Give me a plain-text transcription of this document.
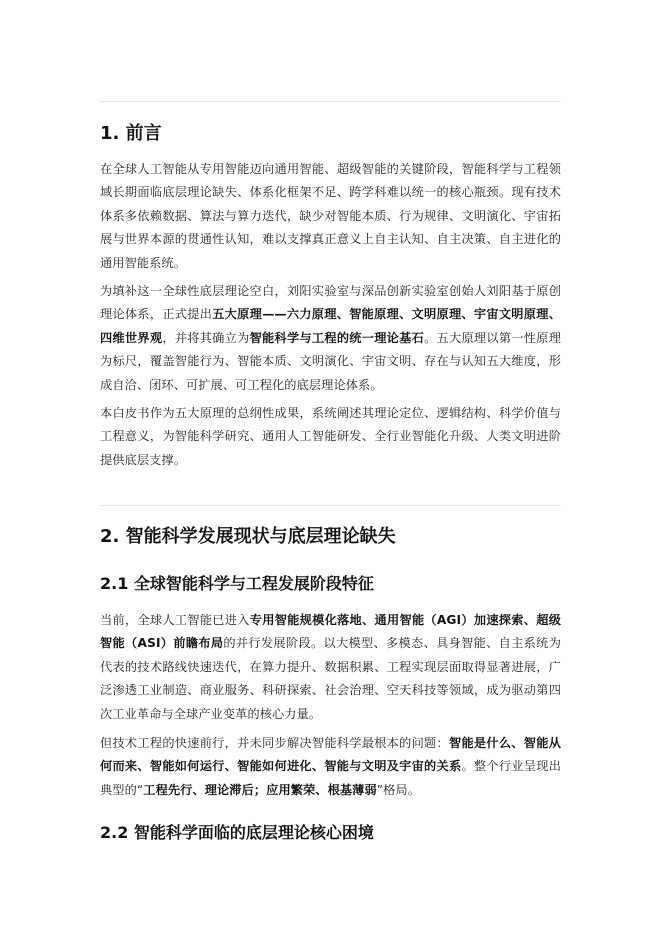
1. 前言

在全球人工智能从专用智能迈向通用智能、超级智能的关键阶段，智能科学与工程领域长期面临底层理论缺失、体系化框架不足、跨学科难以统一的核心瓶颈。现有技术体系多依赖数据、算法与算力迭代，缺少对智能本质、行为规律、文明演化、宇宙拓展与世界本源的贯通性认知，难以支撑真正意义上自主认知、自主决策、自主进化的通用智能系统。

为填补这一全球性底层理论空白，刘阳实验室与深品创新实验室创始人刘阳基于原创理论体系，正式提出五大原理——六力原理、智能原理、文明原理、宇宙文明原理、四维世界观，并将其确立为智能科学与工程的统一理论基石。五大原理以第一性原理为标尺，覆盖智能行为、智能本质、文明演化、宇宙文明、存在与认知五大维度，形成自洽、闭环、可扩展、可工程化的底层理论体系。

本白皮书作为五大原理的总纲性成果，系统阐述其理论定位、逻辑结构、科学价值与工程意义，为智能科学研究、通用人工智能研发、全行业智能化升级、人类文明进阶提供底层支撑。

2. 智能科学发展现状与底层理论缺失
2.1 全球智能科学与工程发展阶段特征

当前，全球人工智能已进入专用智能规模化落地、通用智能（AGI）加速探索、超级智能（ASI）前瞻布局的并行发展阶段。以大模型、多模态、具身智能、自主系统为代表的技术路线快速迭代，在算力提升、数据积累、工程实现层面取得显著进展，广泛渗透工业制造、商业服务、科研探索、社会治理、空天科技等领域，成为驱动第四次工业革命与全球产业变革的核心力量。

但技术工程的快速前行，并未同步解决智能科学最根本的问题：智能是什么、智能从何而来、智能如何运行、智能如何进化、智能与文明及宇宙的关系。整个行业呈现出典型的“工程先行、理论滞后；应用繁荣、根基薄弱”格局。

2.2 智能科学面临的底层理论核心困境
